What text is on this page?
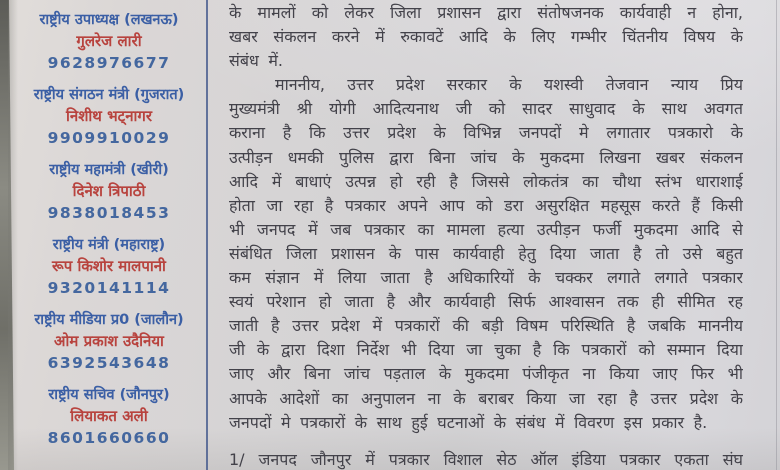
राष्ट्रीय उपाध्यक्ष (लखनऊ)
गुलरेज लारी
9628976677
राष्ट्रीय संगठन मंत्री (गुजरात)
निशीथ भट्नागर
9909910029
राष्ट्रीय महामंत्री (खीरी)
दिनेश त्रिपाठी
9838018453
राष्ट्रीय मंत्री (महाराष्ट्र)
रूप किशोर मालपानी
9320141114
राष्ट्रीय मीडिया प्र0 (जालौन)
ओम प्रकाश उदैनिया
6392543648
राष्ट्रीय सचिव (जौनपुर)
लियाकत अली
8601660660
के मामलों को लेकर जिला प्रशासन द्वारा संतोषजनक कार्यवाही न होना,
खबर संकलन करने में रुकावटें आदि के लिए गम्भीर चिंतनीय विषय के
संबंध में.
माननीय, उत्तर प्रदेश सरकार के यशस्वी तेजवान न्याय प्रिय
मुख्यमंत्री श्री योगी आदित्यनाथ जी को सादर साधुवाद के साथ अवगत
कराना है कि उत्तर प्रदेश के विभिन्न जनपदों मे लगातार पत्रकारो के
उत्पीड़न धमकी पुलिस द्वारा बिना जांच के मुकदमा लिखना खबर संकलन
आदि में बाधाएं उत्पन्न हो रही है जिससे लोकतंत्र का चौथा स्तंभ धाराशाई
होता जा रहा है पत्रकार अपने आप को डरा असुरक्षित महसूस करते हैं किसी
भी जनपद में जब पत्रकार का मामला हत्या उत्पीड़न फर्जी मुकदमा आदि से
संबंधित जिला प्रशासन के पास कार्यवाही हेतु दिया जाता है तो उसे बहुत
कम संज्ञान में लिया जाता है अधिकारियों के चक्कर लगाते लगाते पत्रकार
स्वयं परेशान हो जाता है और कार्यवाही सिर्फ आश्वासन तक ही सीमित रह
जाती है उत्तर प्रदेश में पत्रकारों की बड़ी विषम परिस्थिति है जबकि माननीय
जी के द्वारा दिशा निर्देश भी दिया जा चुका है कि पत्रकारों को सम्मान दिया
जाए और बिना जांच पड़ताल के मुकदमा पंजीकृत ना किया जाए फिर भी
आपके आदेशों का अनुपालन ना के बराबर किया जा रहा है उत्तर प्रदेश के
जनपदों मे पत्रकारों के साथ हुई घटनाओं के संबंध में विवरण इस प्रकार है.
1/ जनपद जौनपुर में पत्रकार विशाल सेठ ऑल इंडिया पत्रकार एकता संघ
